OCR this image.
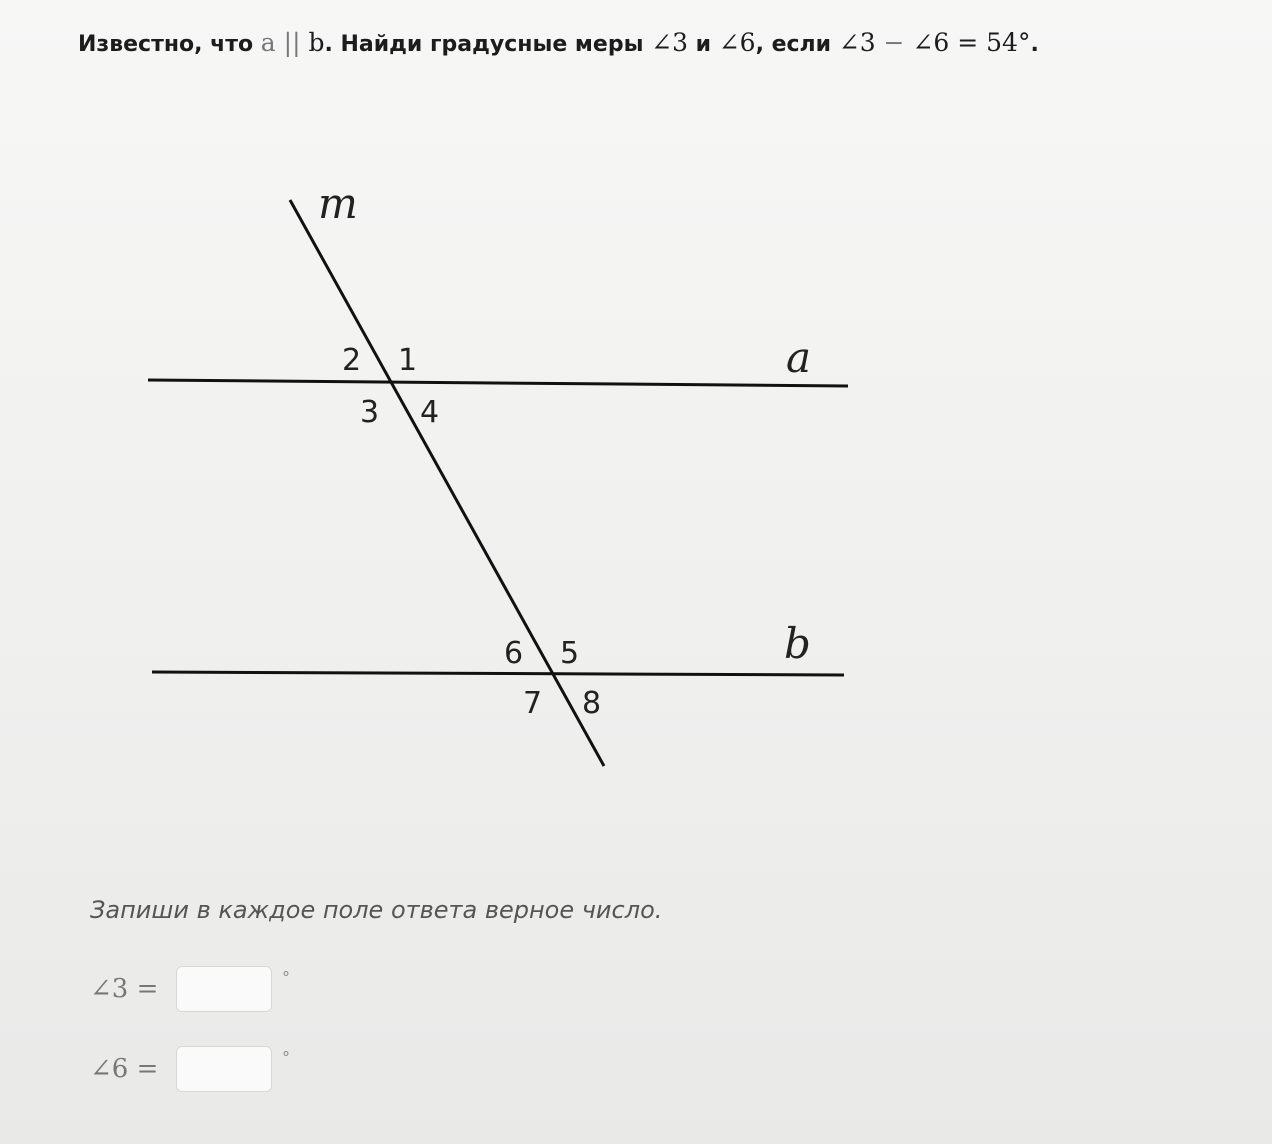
Известно, что a || b. Найди градусные меры ∠3 и ∠6, если ∠3 − ∠6 = 54°.
m
a
b
1
2
3 4
5
6
7 8
Запиши в каждое поле ответа верное число.
∠3 =	°
∠6 =	°
